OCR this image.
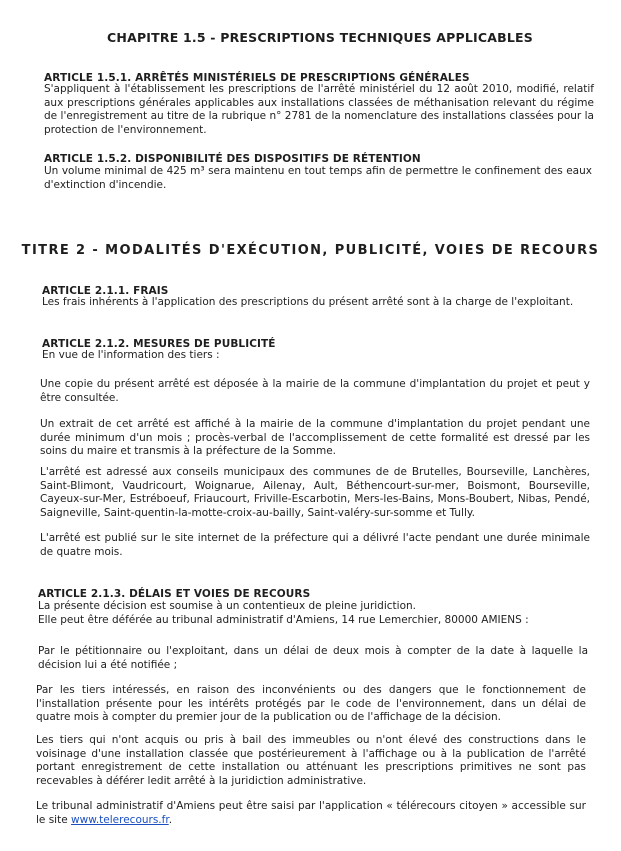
CHAPITRE 1.5 - PRESCRIPTIONS TECHNIQUES APPLICABLES
ARTICLE 1.5.1. ARRÊTÉS MINISTÉRIELS DE PRESCRIPTIONS GÉNÉRALES

S'appliquent à l'établissement les prescriptions de l'arrêté ministériel du 12 août 2010, modifié, relatif aux prescriptions générales applicables aux installations classées de méthanisation relevant du régime de l'enregistrement au titre de la rubrique n° 2781 de la nomenclature des installations classées pour la protection de l'environnement.

ARTICLE 1.5.2. DISPONIBILITÉ DES DISPOSITIFS DE RÉTENTION

Un volume minimal de 425 m³ sera maintenu en tout temps afin de permettre le confinement des eaux d'extinction d'incendie.

TITRE 2 - MODALITÉS D'EXÉCUTION, PUBLICITÉ, VOIES DE RECOURS
ARTICLE 2.1.1. FRAIS

Les frais inhérents à l'application des prescriptions du présent arrêté sont à la charge de l'exploitant.

ARTICLE 2.1.2. MESURES DE PUBLICITÉ

En vue de l'information des tiers :

Une copie du présent arrêté est déposée à la mairie de la commune d'implantation du projet et peut y être consultée.

Un extrait de cet arrêté est affiché à la mairie de la commune d'implantation du projet pendant une durée minimum d'un mois ; procès-verbal de l'accomplissement de cette formalité est dressé par les soins du maire et transmis à la préfecture de la Somme.

L'arrêté est adressé aux conseils municipaux des communes de de Brutelles, Bourseville, Lanchères, Saint-Blimont, Vaudricourt, Woignarue, Ailenay, Ault, Béthencourt-sur-mer, Boismont, Bourseville, Cayeux-sur-Mer, Estréboeuf, Friaucourt, Friville-Escarbotin, Mers-les-Bains, Mons-Boubert, Nibas, Pendé, Saigneville, Saint-quentin-la-motte-croix-au-bailly, Saint-valéry-sur-somme et Tully.

L'arrêté est publié sur le site internet de la préfecture qui a délivré l'acte pendant une durée minimale de quatre mois.

ARTICLE 2.1.3. DÉLAIS ET VOIES DE RECOURS

La présente décision est soumise à un contentieux de pleine juridiction.

Elle peut être déférée au tribunal administratif d'Amiens, 14 rue Lemerchier, 80000 AMIENS :

Par le pétitionnaire ou l'exploitant, dans un délai de deux mois à compter de la date à laquelle la décision lui a été notifiée ;

Par les tiers intéressés, en raison des inconvénients ou des dangers que le fonctionnement de l'installation présente pour les intérêts protégés par le code de l'environnement, dans un délai de quatre mois à compter du premier jour de la publication ou de l'affichage de la décision.

Les tiers qui n'ont acquis ou pris à bail des immeubles ou n'ont élevé des constructions dans le voisinage d'une installation classée que postérieurement à l'affichage ou à la publication de l'arrêté portant enregistrement de cette installation ou atténuant les prescriptions primitives ne sont pas recevables à déférer ledit arrêté à la juridiction administrative.

Le tribunal administratif d'Amiens peut être saisi par l'application « télérecours citoyen » accessible sur le site www.telerecours.fr.
